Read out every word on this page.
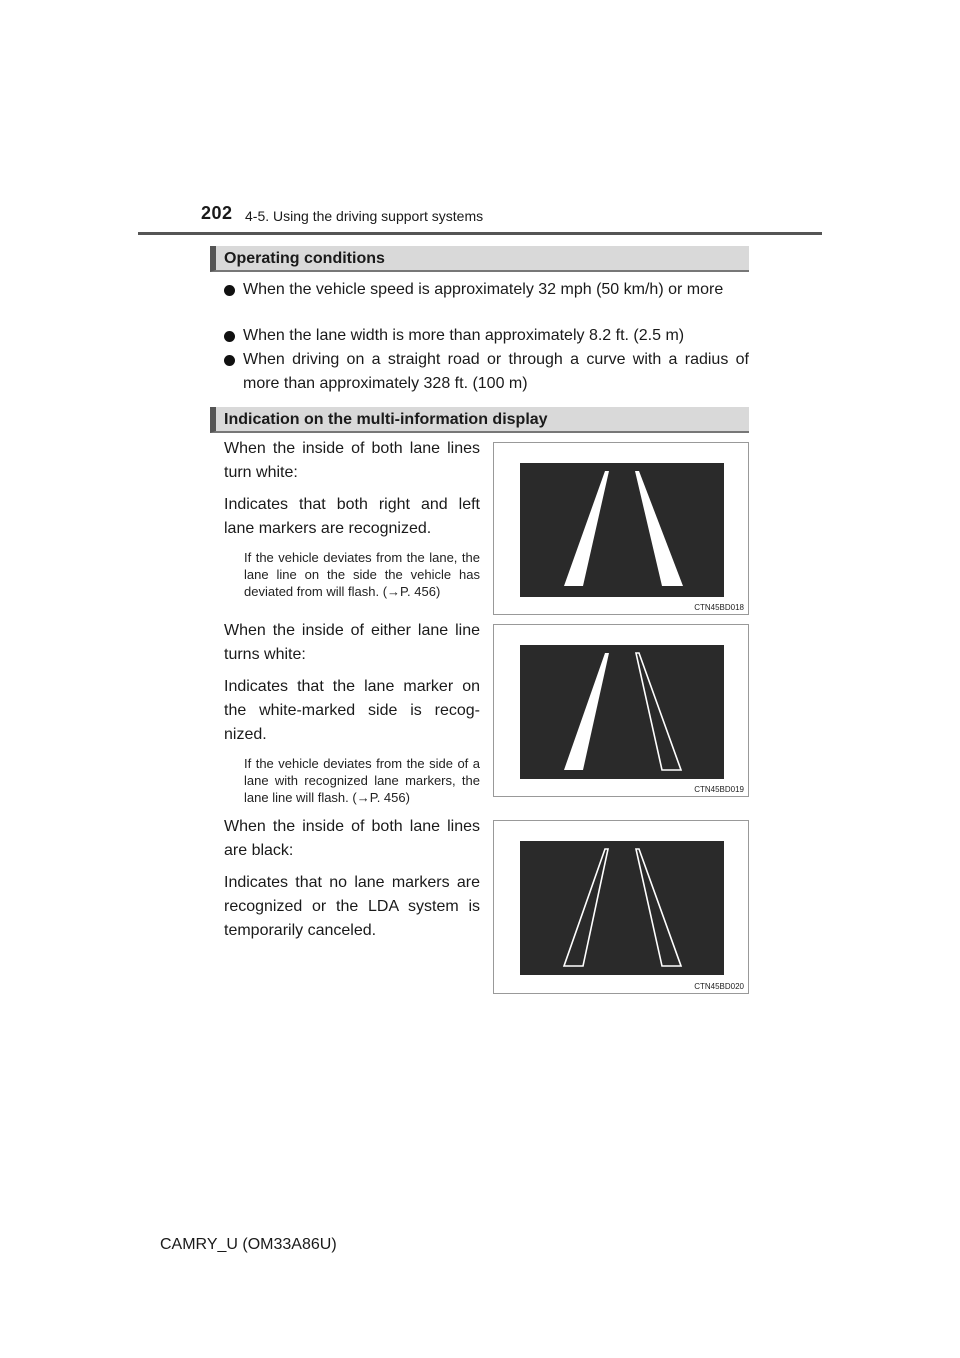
202 4-5. Using the driving support systems
Operating conditions
When the vehicle speed is approximately 32 mph (50 km/h) or more
When the lane width is more than approximately 8.2 ft. (2.5 m)
When driving on a straight road or through a curve with a radius of more than approximately 328 ft. (100 m)
Indication on the multi-information display

When the inside of both lane lines turn white:

Indicates that both right and left lane markers are recognized.

If the vehicle deviates from the lane, the lane line on the side the vehicle has deviated from will flash. (→P. 456)
CTN45BD018

When the inside of either lane line turns white:

Indicates that the lane marker on the white-marked side is recog-nized.

If the vehicle deviates from the side of a lane with recognized lane markers, the lane line will flash. (→P. 456)
CTN45BD019

When the inside of both lane lines are black:

Indicates that no lane markers are recognized or the LDA system is temporarily canceled.

CTN45BD020
CAMRY_U (OM33A86U)
